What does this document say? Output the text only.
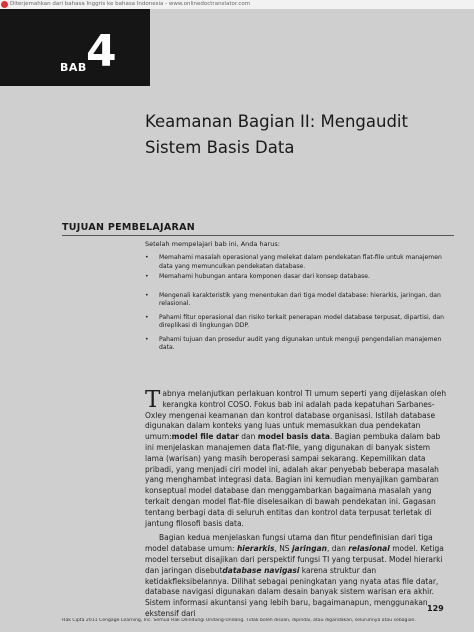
Diterjemahkan dari bahasa Inggris ke bahasa Indonesia - www.onlinedoctranslator.com
BAB 4
Keamanan Bagian II: Mengaudit Sistem Basis Data
TUJUAN PEMBELAJARAN
Setelah mempelajari bab ini, Anda harus:
• Memahami masalah operasional yang melekat dalam pendekatan flat-file untuk manajemen data yang memunculkan pendekatan database.
• Memahami hubungan antara komponen dasar dari konsep database.
• Mengenali karakteristik yang menentukan dari tiga model database: hierarkis, jaringan, dan relasional.
• Pahami fitur operasional dan risiko terkait penerapan model database terpusat, dipartisi, dan direplikasi di lingkungan DDP.
• Pahami tujuan dan prosedur audit yang digunakan untuk menguji pengendalian manajemen data.

Tabnya melanjutkan perlakuan kontrol TI umum seperti yang dijelaskan oleh kerangka kontrol COSO. Fokus bab ini adalah pada kepatuhan Sarbanes-Oxley mengenai keamanan dan kontrol database organisasi. Istilah database digunakan dalam konteks yang luas untuk memasukkan dua pendekatan umum:model file datar dan model basis data. Bagian pembuka dalam bab ini menjelaskan manajemen data flat-file, yang digunakan di banyak sistem lama (warisan) yang masih beroperasi sampai sekarang. Kepemilikan data pribadi, yang menjadi ciri model ini, adalah akar penyebab beberapa masalah yang menghambat integrasi data. Bagian ini kemudian menyajikan gambaran konseptual model database dan menggambarkan bagaimana masalah yang terkait dengan model flat-file diselesaikan di bawah pendekatan ini. Gagasan tentang berbagi data di seluruh entitas dan kontrol data terpusat terletak di jantung filosofi basis data.

Bagian kedua menjelaskan fungsi utama dan fitur pendefinisian dari tiga model database umum: hierarkis, NS jaringan, dan relasional model. Ketiga model tersebut disajikan dari perspektif fungsi TI yang terpusat. Model hierarki dan jaringan disebutdatabase navigasi karena struktur dan ketidakfleksibelannya. Dilihat sebagai peningkatan yang nyata atas file datar, database navigasi digunakan dalam desain banyak sistem warisan era akhir. Sistem informasi akuntansi yang lebih baru, bagaimanapun, menggunakan ekstensif dari

129
Hak Cipta 2011 Cengage Learning, Inc. Semua Hak Dilindungi Undang-Undang. Tidak boleh disalin, dipindai, atau digandakan, seluruhnya atau sebagian.
